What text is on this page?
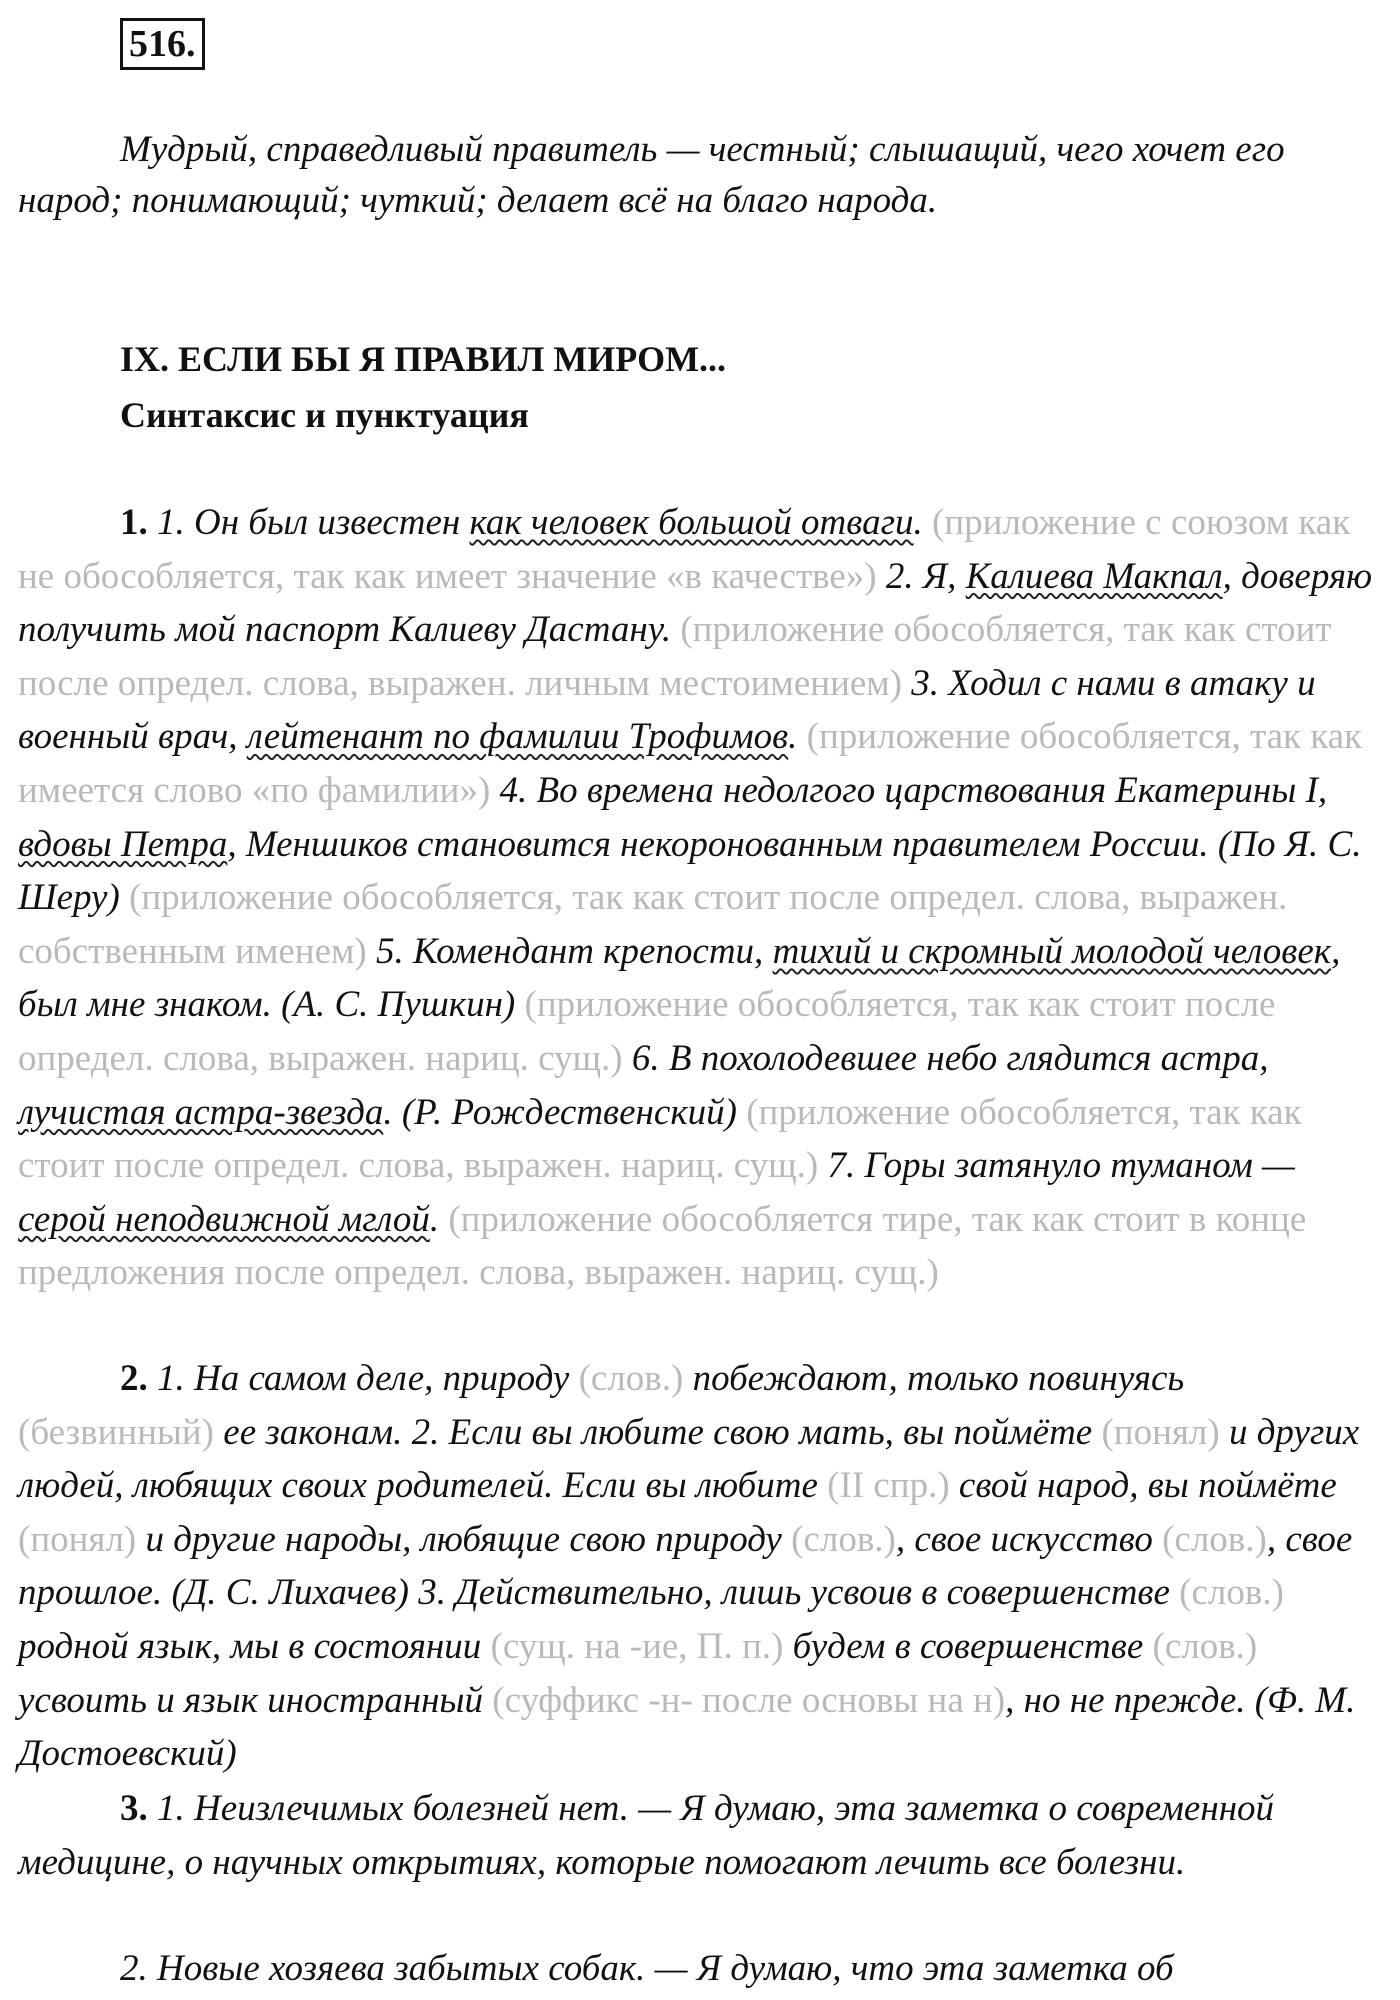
516.

Мудрый, справедливый правитель — честный; слышащий, чего хочет его народ; понимающий; чуткий; делает всё на благо народа.

IX. ЕСЛИ БЫ Я ПРАВИЛ МИРОМ...
Синтаксис и пунктуация

1. 1. Он был известен как человек большой отваги. (приложение с союзом как не обособляется, так как имеет значение «в качестве») 2. Я, Калиева Макпал, доверяю получить мой паспорт Калиеву Дастану. (приложение обособляется, так как стоит после определ. слова, выражен. личным местоимением) 3. Ходил с нами в атаку и военный врач, лейтенант по фамилии Трофимов. (приложение обособляется, так как имеется слово «по фамилии») 4. Во времена недолгого царствования Екатерины I, вдовы Петра, Меншиков становится некоронованным правителем России. (По Я. С. Шеру) (приложение обособляется, так как стоит после определ. слова, выражен. собственным именем) 5. Комендант крепости, тихий и скромный молодой человек, был мне знаком. (А. С. Пушкин) (приложение обособляется, так как стоит после определ. слова, выражен. нариц. сущ.) 6. В похолодевшее небо глядится астра, лучистая астра-звезда. (Р. Рождественский) (приложение обособляется, так как стоит после определ. слова, выражен. нариц. сущ.) 7. Горы затянуло туманом — серой неподвижной мглой. (приложение обособляется тире, так как стоит в конце предложения после определ. слова, выражен. нариц. сущ.)

2. 1. На самом деле, природу (слов.) побеждают, только повинуясь (безвинный) ее законам. 2. Если вы любите свою мать, вы поймёте (понял) и других людей, любящих своих родителей. Если вы любите (II спр.) свой народ, вы поймёте (понял) и другие народы, любящие свою природу (слов.), свое искусство (слов.), свое прошлое. (Д. С. Лихачев) 3. Действительно, лишь усвоив в совершенстве (слов.) родной язык, мы в состоянии (сущ. на -ие, П. п.) будем в совершенстве (слов.) усвоить и язык иностранный (суффикс -н- после основы на н), но не прежде. (Ф. М. Достоевский)

3. 1. Неизлечимых болезней нет. — Я думаю, эта заметка о современной медицине, о научных открытиях, которые помогают лечить все болезни.

2. Новые хозяева забытых собак. — Я думаю, что эта заметка об
